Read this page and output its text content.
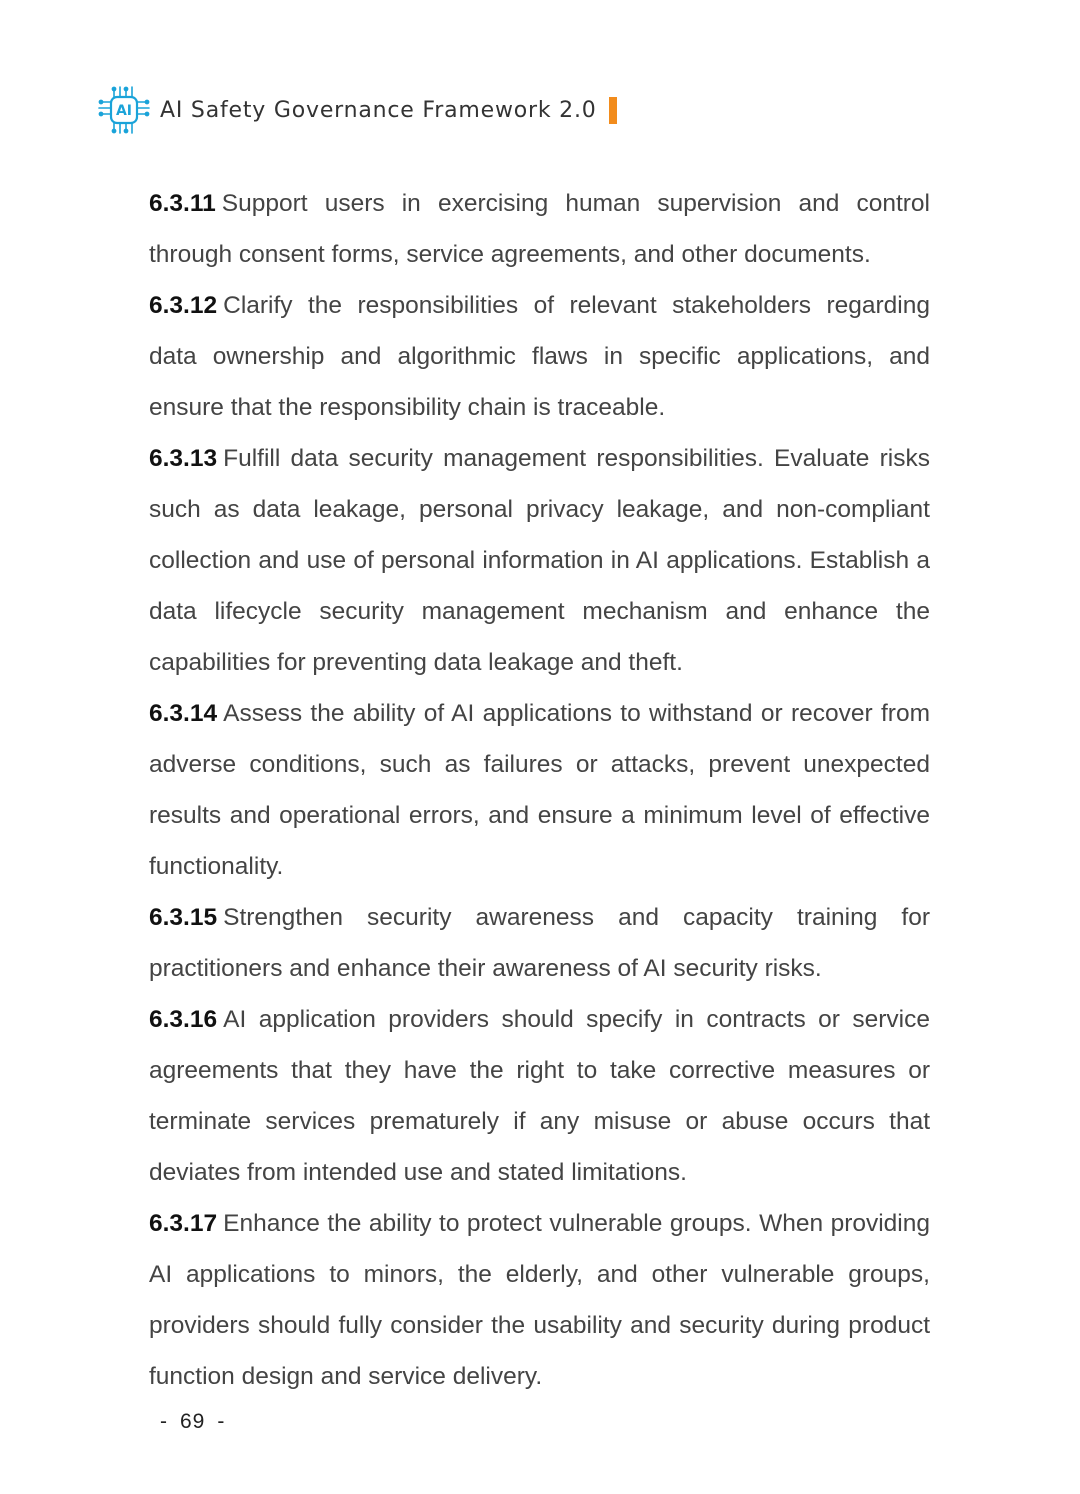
AI AI Safety Governance Framework 2.0

6.3.11 Support users in exercising human supervision and control through consent forms, service agreements, and other documents.

6.3.12 Clarify the responsibilities of relevant stakeholders regarding data ownership and algorithmic flaws in specific applications, and ensure that the responsibility chain is traceable.

6.3.13 Fulfill data security management responsibilities. Evaluate risks such as data leakage, personal privacy leakage, and non-compliant collection and use of personal information in AI applications. Establish a data lifecycle security management mechanism and enhance the capabilities for preventing data leakage and theft.

6.3.14 Assess the ability of AI applications to withstand or recover from adverse conditions, such as failures or attacks, prevent unexpected results and operational errors, and ensure a minimum level of effective functionality.

6.3.15 Strengthen security awareness and capacity training for practitioners and enhance their awareness of AI security risks.

6.3.16 AI application providers should specify in contracts or service agreements that they have the right to take corrective measures or terminate services prematurely if any misuse or abuse occurs that deviates from intended use and stated limitations.

6.3.17 Enhance the ability to protect vulnerable groups. When providing AI applications to minors, the elderly, and other vulnerable groups, providers should fully consider the usability and security during product function design and service delivery.

- 69 -
